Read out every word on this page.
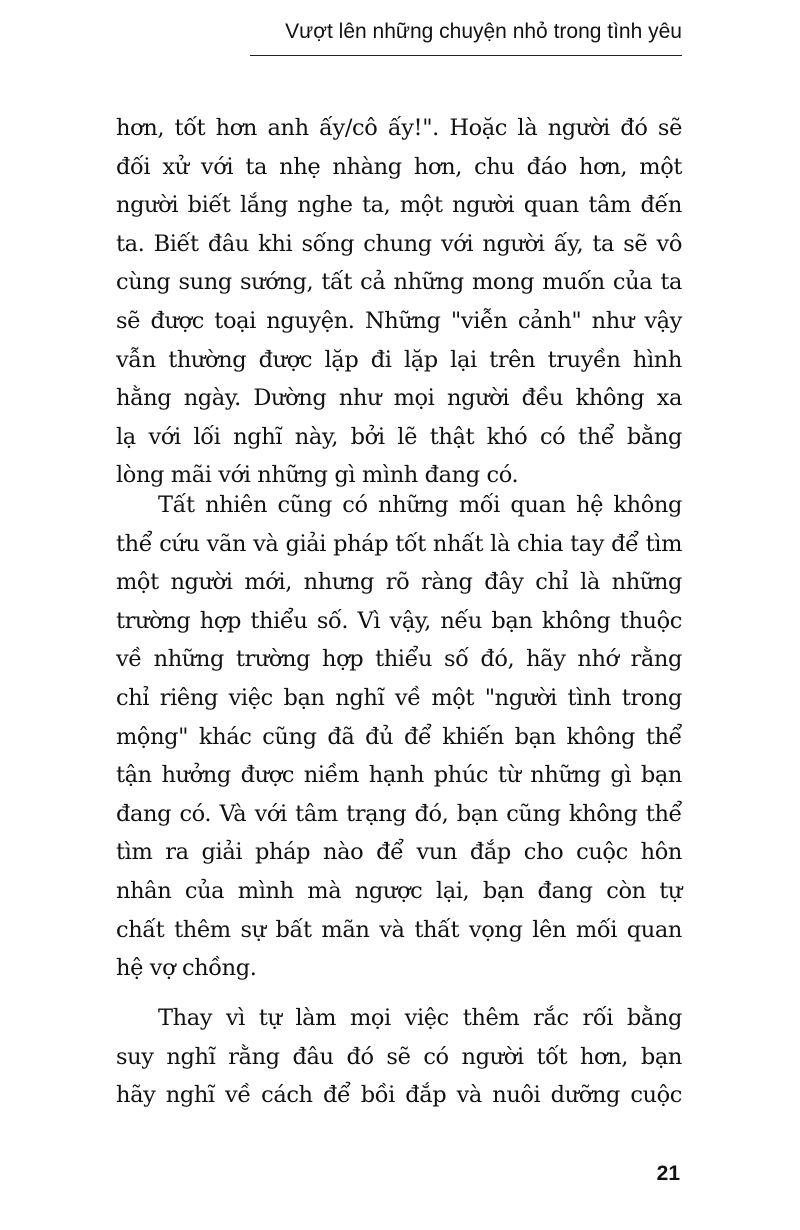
Vượt lên những chuyện nhỏ trong tình yêu
hơn, tốt hơn anh ấy/cô ấy!". Hoặc là người đó sẽ
đối xử với ta nhẹ nhàng hơn, chu đáo hơn, một
người biết lắng nghe ta, một người quan tâm đến
ta. Biết đâu khi sống chung với người ấy, ta sẽ vô
cùng sung sướng, tất cả những mong muốn của ta
sẽ được toại nguyện. Những "viễn cảnh" như vậy
vẫn thường được lặp đi lặp lại trên truyền hình
hằng ngày. Dường như mọi người đều không xa
lạ với lối nghĩ này, bởi lẽ thật khó có thể bằng
lòng mãi với những gì mình đang có.
Tất nhiên cũng có những mối quan hệ không
thể cứu vãn và giải pháp tốt nhất là chia tay để tìm
một người mới, nhưng rõ ràng đây chỉ là những
trường hợp thiểu số. Vì vậy, nếu bạn không thuộc
về những trường hợp thiểu số đó, hãy nhớ rằng
chỉ riêng việc bạn nghĩ về một "người tình trong
mộng" khác cũng đã đủ để khiến bạn không thể
tận hưởng được niềm hạnh phúc từ những gì bạn
đang có. Và với tâm trạng đó, bạn cũng không thể
tìm ra giải pháp nào để vun đắp cho cuộc hôn
nhân của mình mà ngược lại, bạn đang còn tự
chất thêm sự bất mãn và thất vọng lên mối quan
hệ vợ chồng.
Thay vì tự làm mọi việc thêm rắc rối bằng
suy nghĩ rằng đâu đó sẽ có người tốt hơn, bạn
hãy nghĩ về cách để bồi đắp và nuôi dưỡng cuộc
21
